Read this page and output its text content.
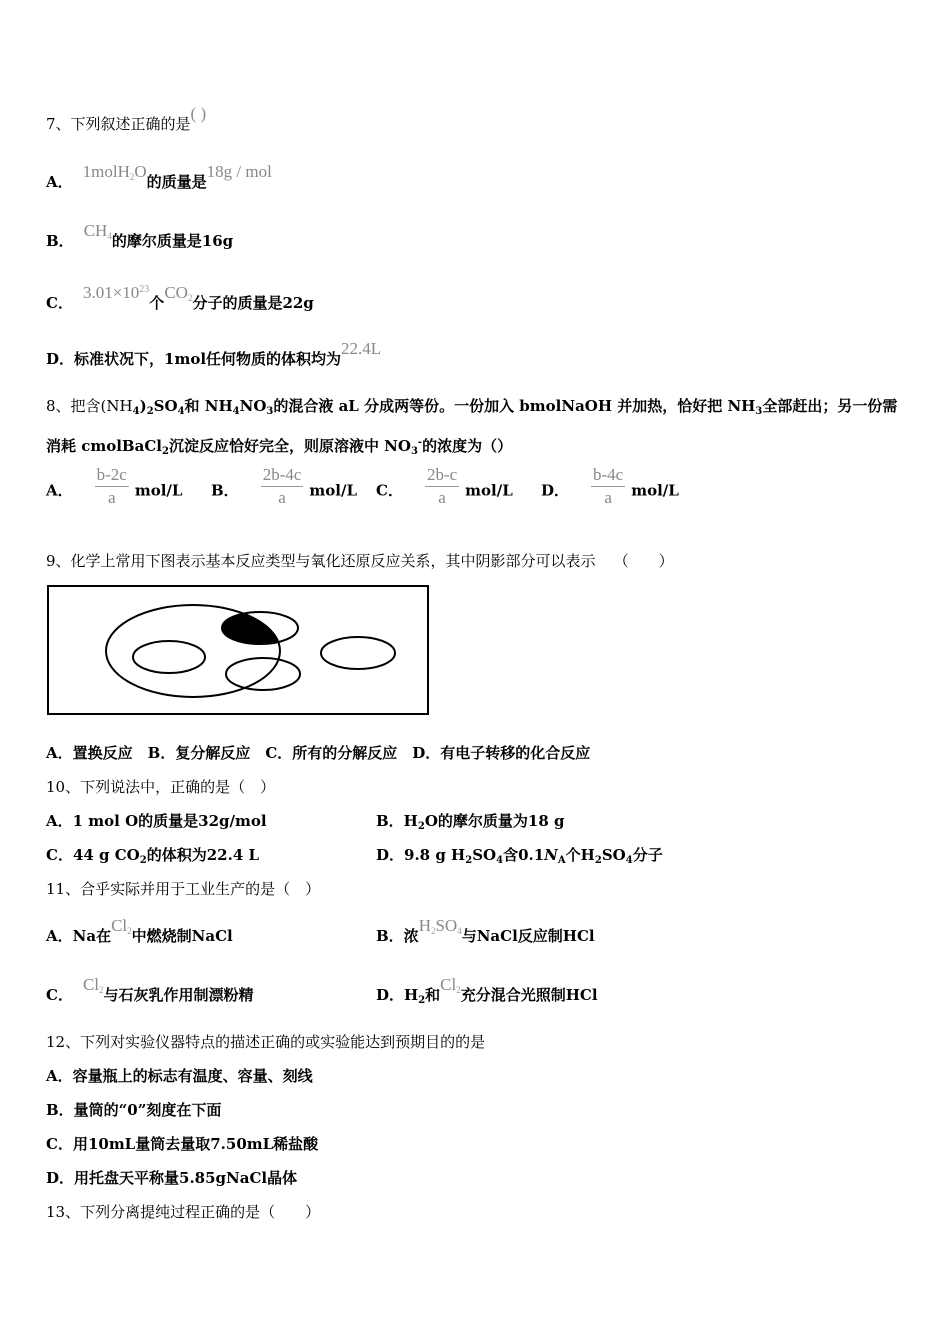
7、下列叙述正确的是( )
A．1molH2O的质量是18g / mol
B．CH4的摩尔质量是16g
C．$3.01\times 10^{23}$个CO2分子的质量是22g
D．标准状况下，1mol任何物质的体积均为22.4L
8、把含$(NH_4)_2SO_4$和 $NH_4NO_3$的混合液 aL 分成两等份。一份加入 bmolNaOH 并加热，恰好把 $NH_3$全部赶出；另一份需
消耗 cmolBaCl$_2$沉淀反应恰好完全，则原溶液中 $NO_3^-$的浓度为（）
A． $\frac{b-2c}{a} mol/L$ B． $\frac{2b-4c}{a} mol/L$ C． $\frac{2b-c}{a} mol/L$ D． $\frac{b-4c}{a} mol/L$
9、化学上常用下图表示基本反应类型与氧化还原反应关系，其中阴影部分可以表示 （　　）
A．置换反应　B．复分解反应　C．所有的分解反应　D．有电子转移的化合反应
10、下列说法中，正确的是（　）
A．1 mol O的质量是32g/mol	B．$H_2O$的摩尔质量为18 g
C．44 g $CO_2$的体积为22.4 L	D．9.8 g $H_2SO_4$含$0.1N_A$个$H_2SO_4$分子
11、合乎实际并用于工业生产的是（　）
A．Na在Cl2中燃烧制NaCl	B．浓H2SO4与NaCl反应制HCl
C．Cl2与石灰乳作用制漂粉精	D．$H_2$和Cl2充分混合光照制HCl
12、下列对实验仪器特点的描述正确的或实验能达到预期目的的是
A．容量瓶上的标志有温度、容量、刻线
B．量筒的“0”刻度在下面
C．用10mL量筒去量取7.50mL稀盐酸
D．用托盘天平称量5.85gNaCl晶体
13、下列分离提纯过程正确的是（　　）
